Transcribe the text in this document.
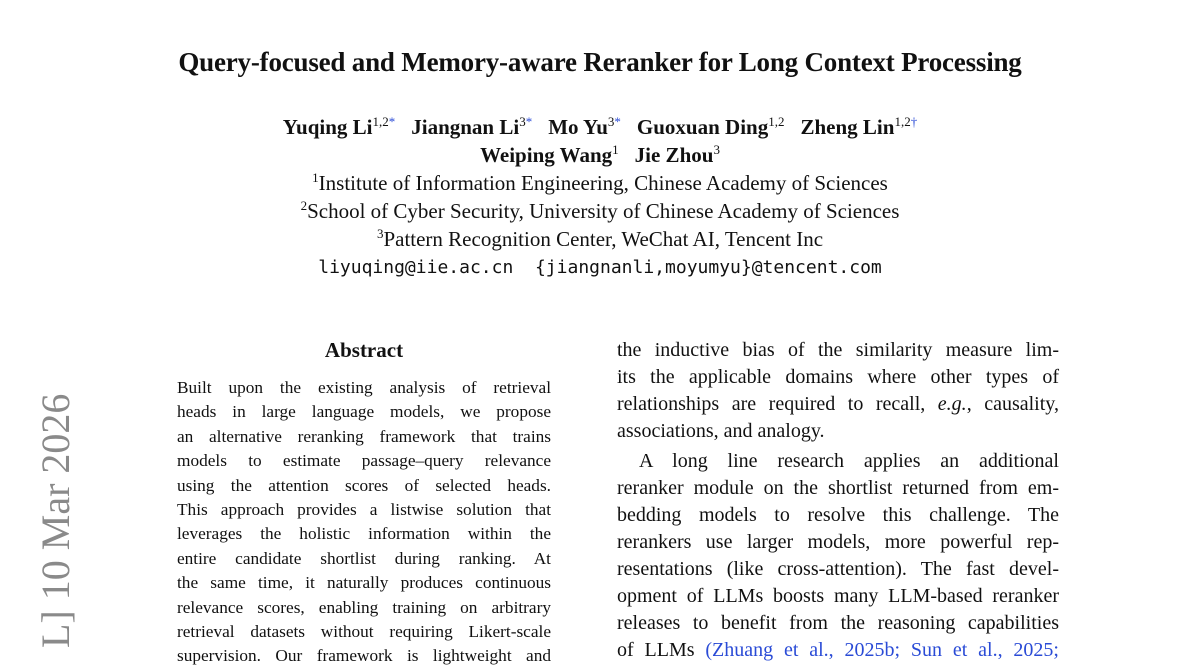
Query-focused and Memory-aware Reranker for Long Context Processing
Yuqing $Li^{1,2*}$ Jiangnan $Li^{3*}$ Mo $Yu^{3*}$ Guoxuan Ding$^{1,2}$ Zheng Lin$^{1,2\dagger}$
Weiping Wang$^1$ Jie Zhou$^3$
$^1$Institute of Information Engineering, Chinese Academy of Sciences
$^2$School of Cyber Security, University of Chinese Academy of Sciences
$^3$Pattern Recognition Center, WeChat AI, Tencent Inc
liyuqing@iie.ac.cn  {jiangnanli,moyumyu}@tencent.com
Abstract
Built upon the existing analysis of retrieval
heads in large language models, we propose
an alternative reranking framework that trains
models to estimate passage–query relevance
using the attention scores of selected heads.
This approach provides a listwise solution that
leverages the holistic information within the
entire candidate shortlist during ranking. At
the same time, it naturally produces continuous
relevance scores, enabling training on arbitrary
retrieval datasets without requiring Likert-scale
supervision. Our framework is lightweight and
the inductive bias of the similarity measure lim-
its the applicable domains where other types of
relationships are required to recall, e.g., causality,
associations, and analogy.
A long line research applies an additional
reranker module on the shortlist returned from em-
bedding models to resolve this challenge. The
rerankers use larger models, more powerful rep-
resentations (like cross-attention). The fast devel-
opment of LLMs boosts many LLM-based reranker
releases to benefit from the reasoning capabilities
of LLMs (Zhuang et al., 2025b; Sun et al., 2025;
L] 10 Mar 2026
